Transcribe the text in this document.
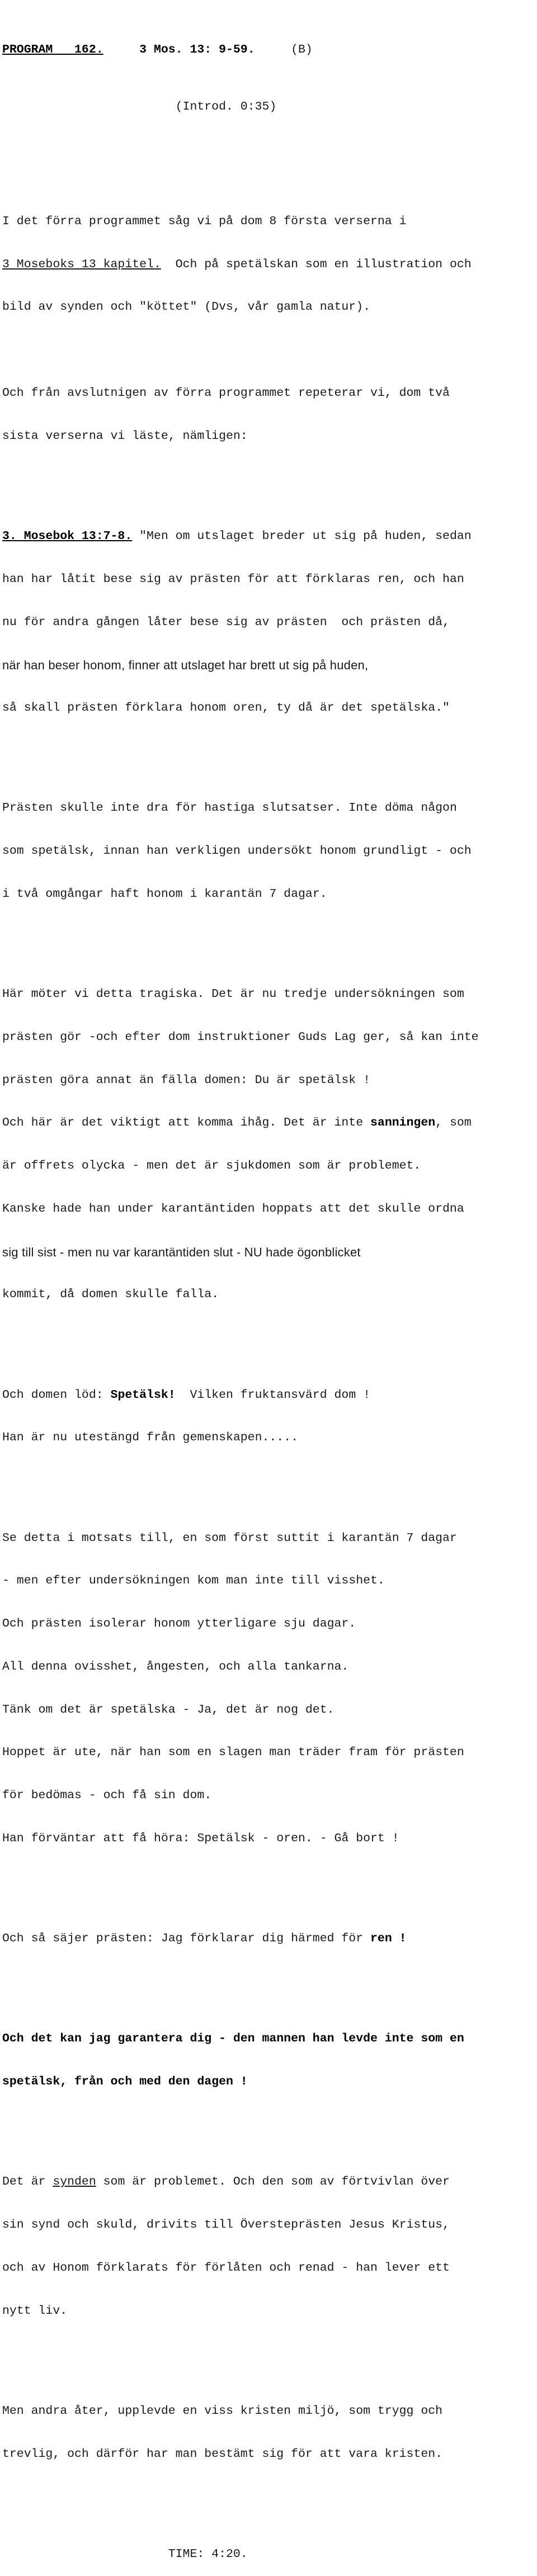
PROGRAM   162.	3 Mos. 13: 9-59.	(B)

(Introd. 0:35)

I det förra programmet såg vi på dom 8 första verserna i

3 Moseboks 13 kapitel.  Och på spetälskan som en illustration och

bild av synden och "köttet" (Dvs, vår gamla natur).

Och från avslutnigen av förra programmet repeterar vi, dom två

sista verserna vi läste, nämligen:

3. Mosebok 13:7-8. "Men om utslaget breder ut sig på huden, sedan

han har låtit bese sig av prästen för att förklaras ren, och han

nu för andra gången låter bese sig av prästen  och prästen då,

när han beser honom, finner att utslaget har brett ut sig på huden,

så skall prästen förklara honom oren, ty då är det spetälska."

Prästen skulle inte dra för hastiga slutsatser. Inte döma någon

som spetälsk, innan han verkligen undersökt honom grundligt - och

i två omgångar haft honom i karantän 7 dagar.

Här möter vi detta tragiska. Det är nu tredje undersökningen som

prästen gör -och efter dom instruktioner Guds Lag ger, så kan inte

prästen göra annat än fälla domen: Du är spetälsk !

Och här är det viktigt att komma ihåg. Det är inte sanningen, som

är offrets olycka - men det är sjukdomen som är problemet.

Kanske hade han under karantäntiden hoppats att det skulle ordna

sig till sist - men nu var karantäntiden slut - NU hade ögonblicket

kommit, då domen skulle falla.

Och domen löd: Spetälsk!  Vilken fruktansvärd dom !

Han är nu utestängd från gemenskapen.....

Se detta i motsats till, en som först suttit i karantän 7 dagar

- men efter undersökningen kom man inte till visshet.

Och prästen isolerar honom ytterligare sju dagar.

All denna ovisshet, ångesten, och alla tankarna.

Tänk om det är spetälska - Ja, det är nog det.

Hoppet är ute, när han som en slagen man träder fram för prästen

för bedömas - och få sin dom.

Han förväntar att få höra: Spetälsk - oren. - Gå bort !

Och så säjer prästen: Jag förklarar dig härmed för ren !

Och det kan jag garantera dig - den mannen han levde inte som en

spetälsk, från och med den dagen !

Det är synden som är problemet. Och den som av förtvivlan över

sin synd och skuld, drivits till Översteprästen Jesus Kristus,

och av Honom förklarats för förlåten och renad - han lever ett

nytt liv.

Men andra åter, upplevde en viss kristen miljö, som trygg och

trevlig, och därför har man bestämt sig för att vara kristen.

TIME: 4:20.
